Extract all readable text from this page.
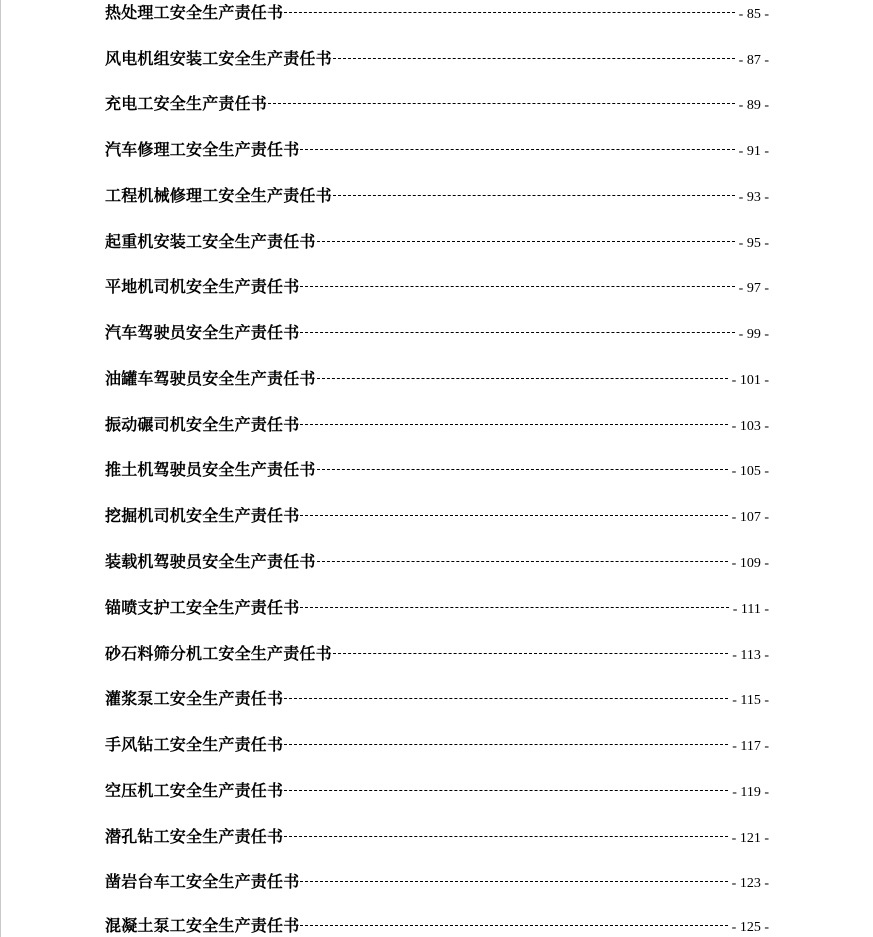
热处理工安全生产责任书	- 85 -
风电机组安装工安全生产责任书	- 87 -
充电工安全生产责任书	- 89 -
汽车修理工安全生产责任书	- 91 -
工程机械修理工安全生产责任书	- 93 -
起重机安装工安全生产责任书	- 95 -
平地机司机安全生产责任书	- 97 -
汽车驾驶员安全生产责任书	- 99 -
油罐车驾驶员安全生产责任书	- 101 -
振动碾司机安全生产责任书	- 103 -
推土机驾驶员安全生产责任书	- 105 -
挖掘机司机安全生产责任书	- 107 -
装载机驾驶员安全生产责任书	- 109 -
锚喷支护工安全生产责任书	- 111 -
砂石料筛分机工安全生产责任书	- 113 -
灌浆泵工安全生产责任书	- 115 -
手风钻工安全生产责任书	- 117 -
空压机工安全生产责任书	- 119 -
潜孔钻工安全生产责任书	- 121 -
凿岩台车工安全生产责任书	- 123 -
混凝土泵工安全生产责任书	- 125 -
